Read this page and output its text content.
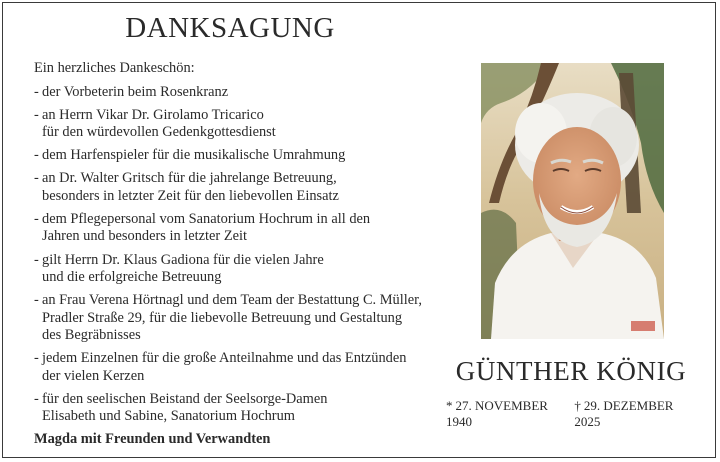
DANKSAGUNG
Ein herzliches Dankeschön:
- der Vorbeterin beim Rosenkranz
- an Herrn Vikar Dr. Girolamo Tricarico
für den würdevollen Gedenkgottesdienst
- dem Harfenspieler für die musikalische Umrahmung
- an Dr. Walter Gritsch für die jahrelange Betreuung,
besonders in letzter Zeit für den liebevollen Einsatz
- dem Pflegepersonal vom Sanatorium Hochrum in all den
Jahren und besonders in letzter Zeit
- gilt Herrn Dr. Klaus Gadiona für die vielen Jahre
und die erfolgreiche Betreuung
- an Frau Verena Hörtnagl und dem Team der Bestattung C. Müller,
Pradler Straße 29, für die liebevolle Betreuung und Gestaltung
des Begräbnisses
- jedem Einzelnen für die große Anteilnahme und das Entzünden
der vielen Kerzen
- für den seelischen Beistand der Seelsorge-Damen
Elisabeth und Sabine, Sanatorium Hochrum
Magda mit Freunden und Verwandten
GÜNTHER KÖNIG
* 27. NOVEMBER 1940
† 29. DEZEMBER 2025
